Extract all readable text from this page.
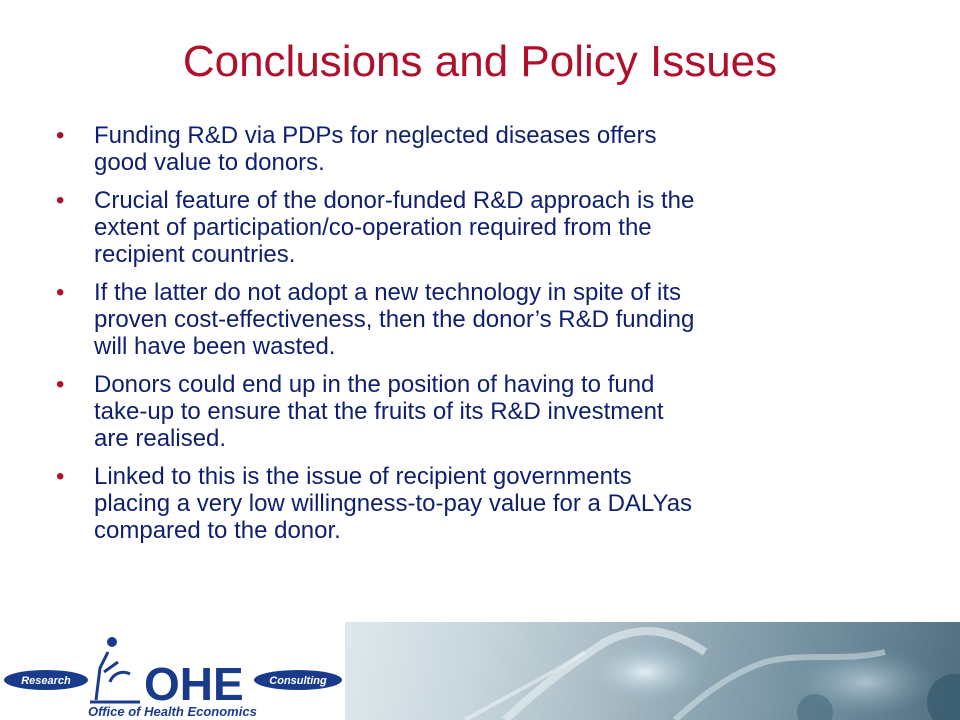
Conclusions and Policy Issues
• Funding R&D via PDPs for neglected diseases offers
good value to donors.
• Crucial feature of the donor-funded R&D approach is the
extent of participation/co-operation required from the
recipient countries.
• If the latter do not adopt a new technology in spite of its
proven cost-effectiveness, then the donor’s R&D funding
will have been wasted.
• Donors could end up in the position of having to fund
take-up to ensure that the fruits of its R&D investment
are realised.
• Linked to this is the issue of recipient governments
placing a very low willingness-to-pay value for a DALYas
compared to the donor.
Research OHE Consulting
Office of Health Economics
